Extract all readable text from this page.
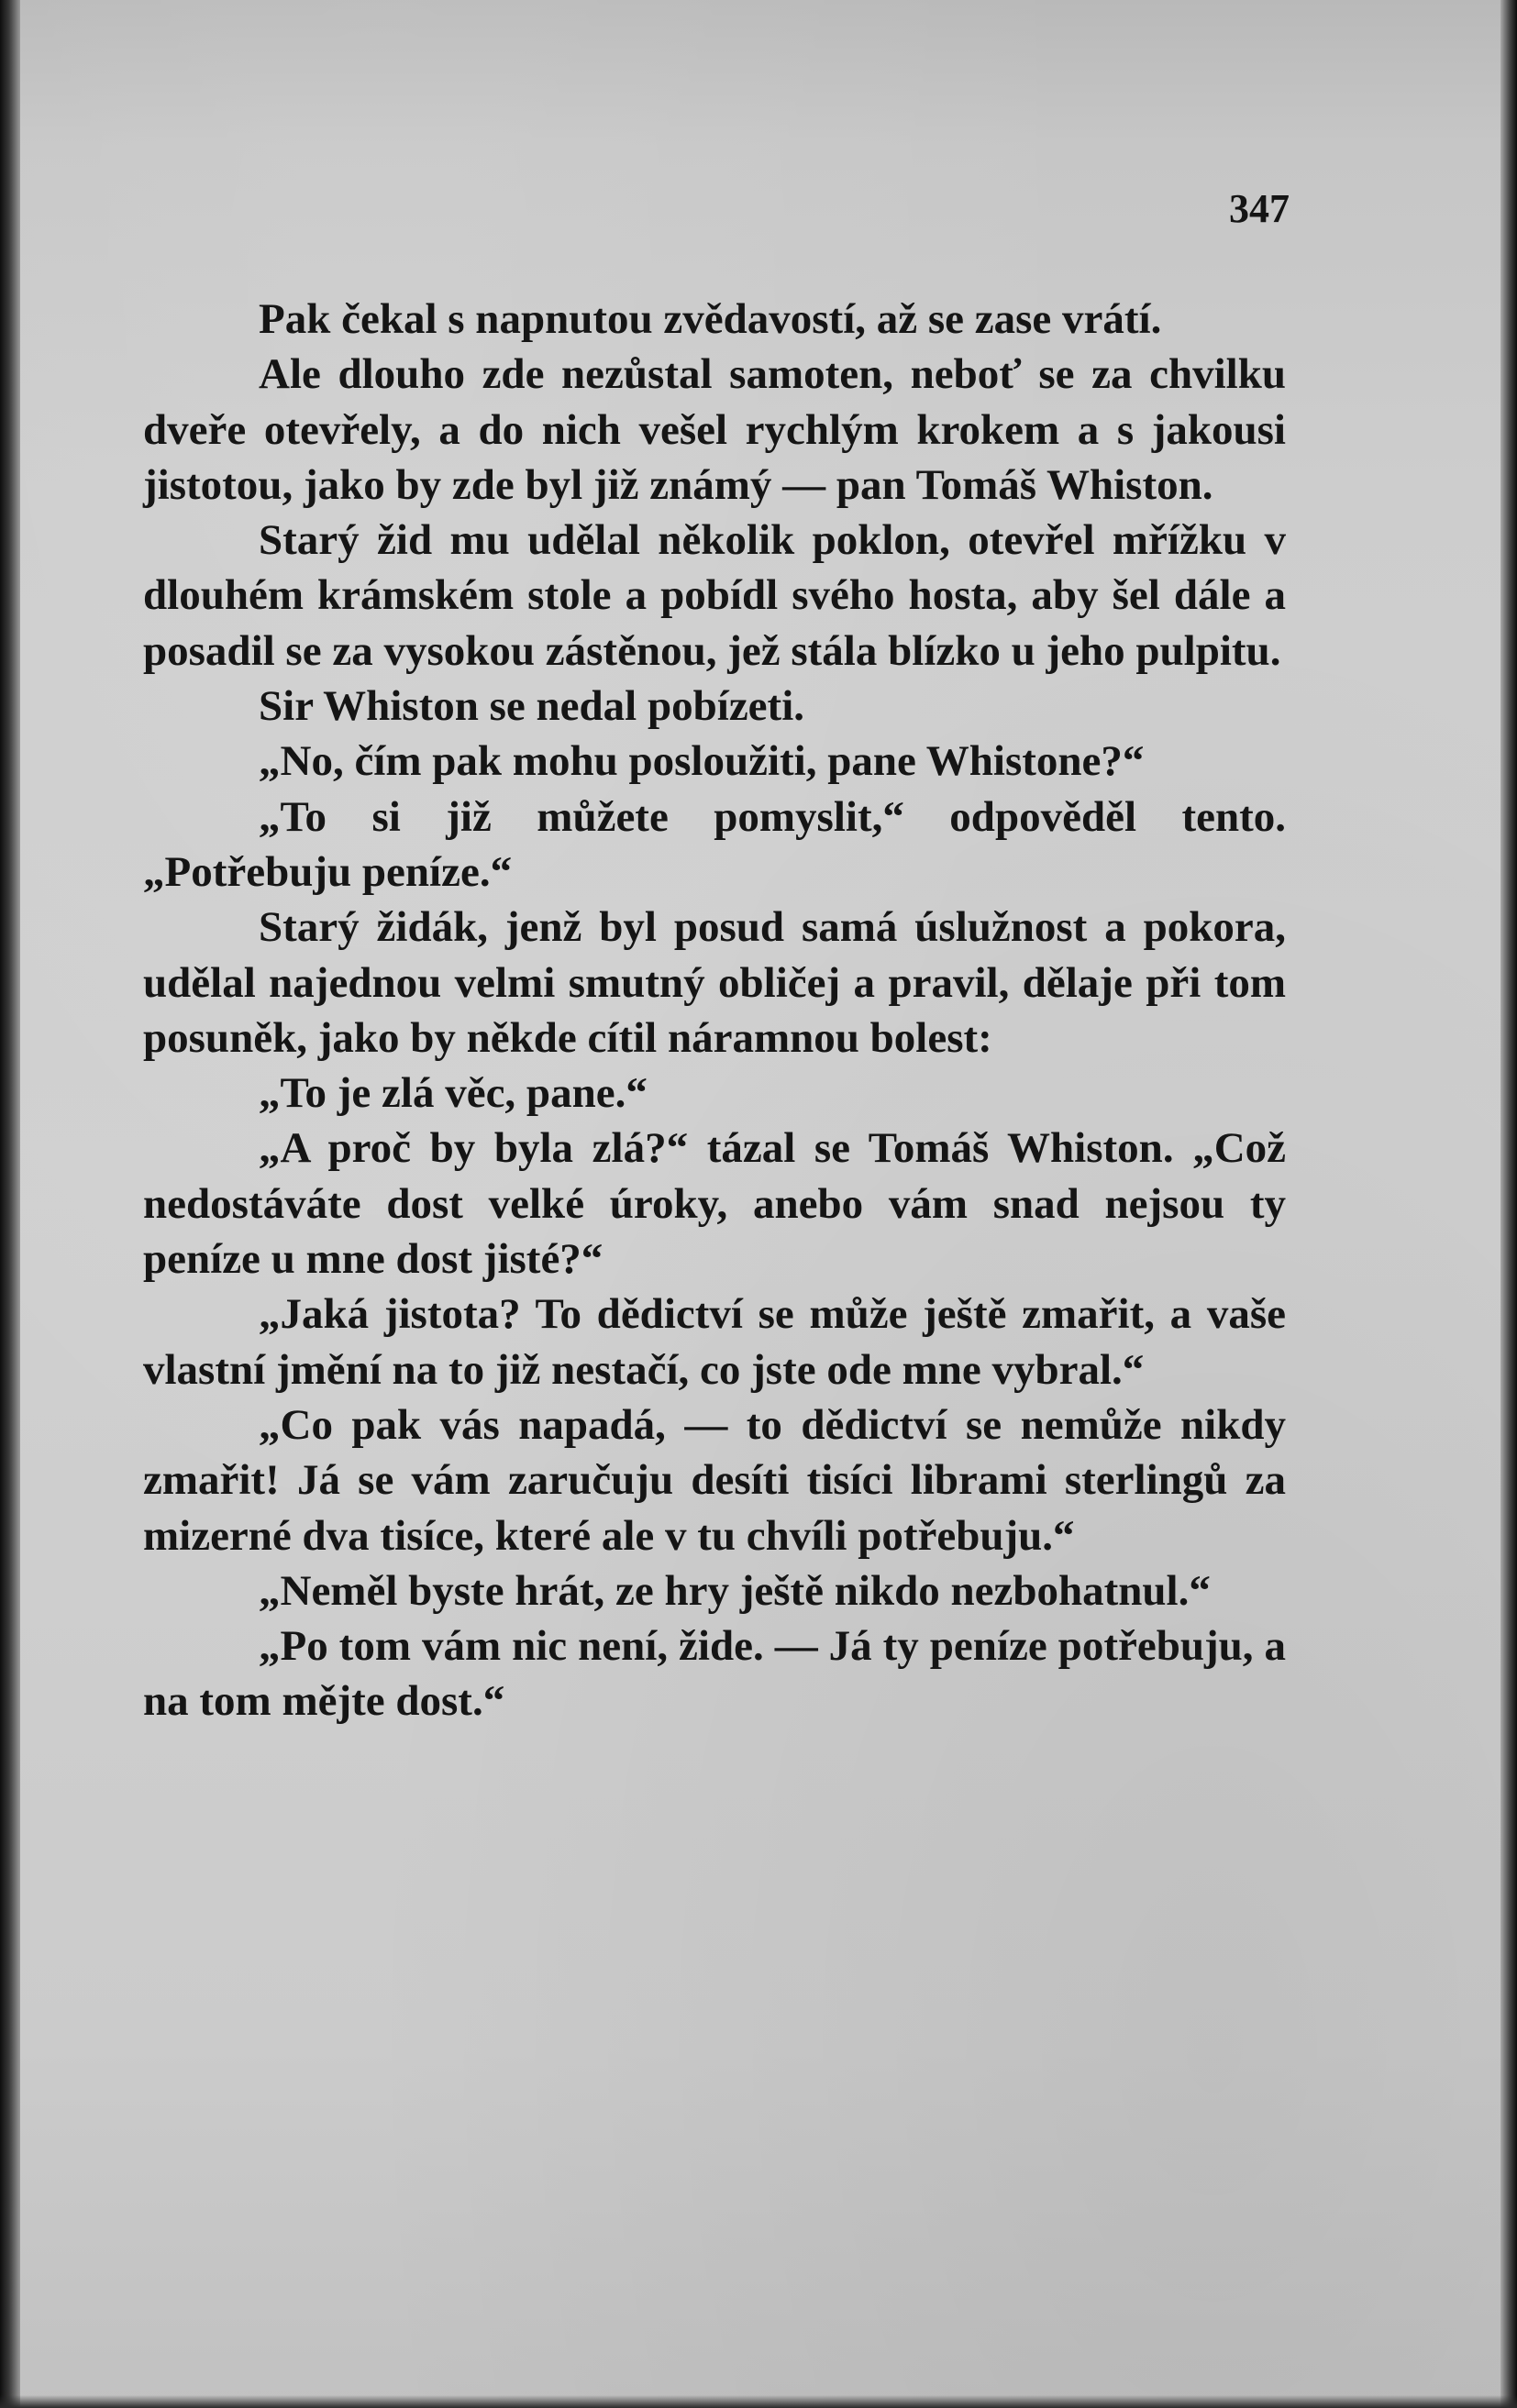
347

Pak čekal s napnutou zvědavostí, až se zase vrátí.

Ale dlouho zde nezůstal samoten, neboť se za chvilku dveře otevřely, a do nich vešel rychlým krokem a s jakousi jistotou, jako by zde byl již známý — pan Tomáš Whiston.

Starý žid mu udělal několik poklon, otevřel mřížku v dlouhém krámském stole a pobídl svého hosta, aby šel dále a posadil se za vysokou zástěnou, jež stála blízko u jeho pulpitu.

Sir Whiston se nedal pobízeti.

„No, čím pak mohu posloužiti, pane Whistone?“

„To si již můžete pomyslit,“ odpověděl tento. „Potřebuju peníze.“

Starý židák, jenž byl posud samá úslužnost a pokora, udělal najednou velmi smutný obličej a pravil, dělaje při tom posuněk, jako by někde cítil náramnou bolest:

„To je zlá věc, pane.“

„A proč by byla zlá?“ tázal se Tomáš Whiston. „Což nedostáváte dost velké úroky, anebo vám snad nejsou ty peníze u mne dost jisté?“

„Jaká jistota? To dědictví se může ještě zmařit, a vaše vlastní jmění na to již nestačí, co jste ode mne vybral.“

„Co pak vás napadá, — to dědictví se nemůže nikdy zmařit! Já se vám zaručuju desíti tisíci librami sterlingů za mizerné dva tisíce, které ale v tu chvíli potřebuju.“

„Neměl byste hrát, ze hry ještě nikdo nezbohatnul.“

„Po tom vám nic není, žide. — Já ty peníze potřebuju, a na tom mějte dost.“
